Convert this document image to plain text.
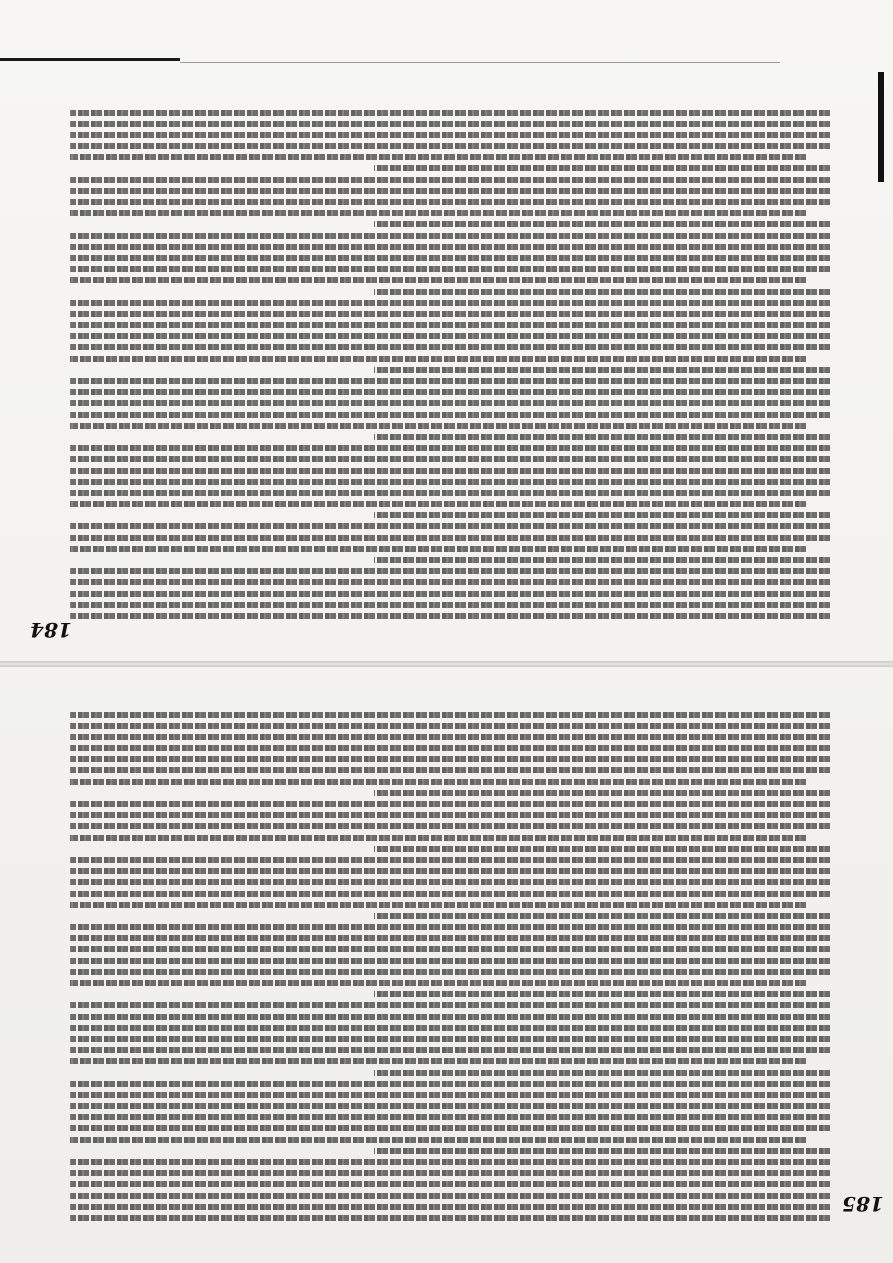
184
185
